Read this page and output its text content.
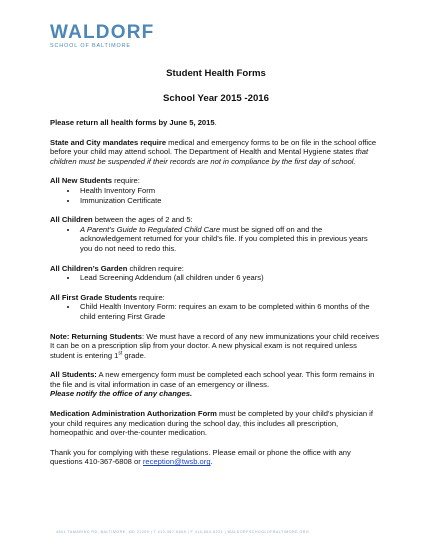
WALDORF
SCHOOL OF BALTIMORE

Student Health Forms

School Year 2015 -2016

Please return all health forms by June 5, 2015.

State and City mandates require medical and emergency forms to be on file in the school office before your child may attend school. The Department of Health and Mental Hygiene states that children must be suspended if their records are not in compliance by the first day of school.

All New Students require:

• Health Inventory Form
• Immunization Certificate

All Children between the ages of 2 and 5:

• A Parent’s Guide to Regulated Child Care must be signed off on and the acknowledgement returned for your child’s file. If you completed this in previous years you do not need to redo this.

All Children’s Garden children require:

• Lead Screening Addendum (all children under 6 years)

All First Grade Students require:

• Child Health Inventory Form: requires an exam to be completed within 6 months of the child entering First Grade

Note: Returning Students: We must have a record of any new immunizations your child receives It can be on a prescription slip from your doctor. A new physical exam is not required unless student is entering 1st grade.

All Students: A new emergency form must be completed each school year. This form remains in the file and is vital information in case of an emergency or illness.
Please notify the office of any changes.

Medication Administration Authorization Form must be completed by your child’s physician if your child requires any medication during the school day, this includes all prescription, homeopathic and over-the-counter medication.

Thank you for complying with these regulations. Please email or phone the office with any questions 410-367-6808 or reception@twsb.org.

4801 TAMARIND RD, BALTIMORE, MD 21209 | T 410-367-6808 | F 410-664-6221 | WALDORFSCHOOLOFBALTIMORE.ORG
